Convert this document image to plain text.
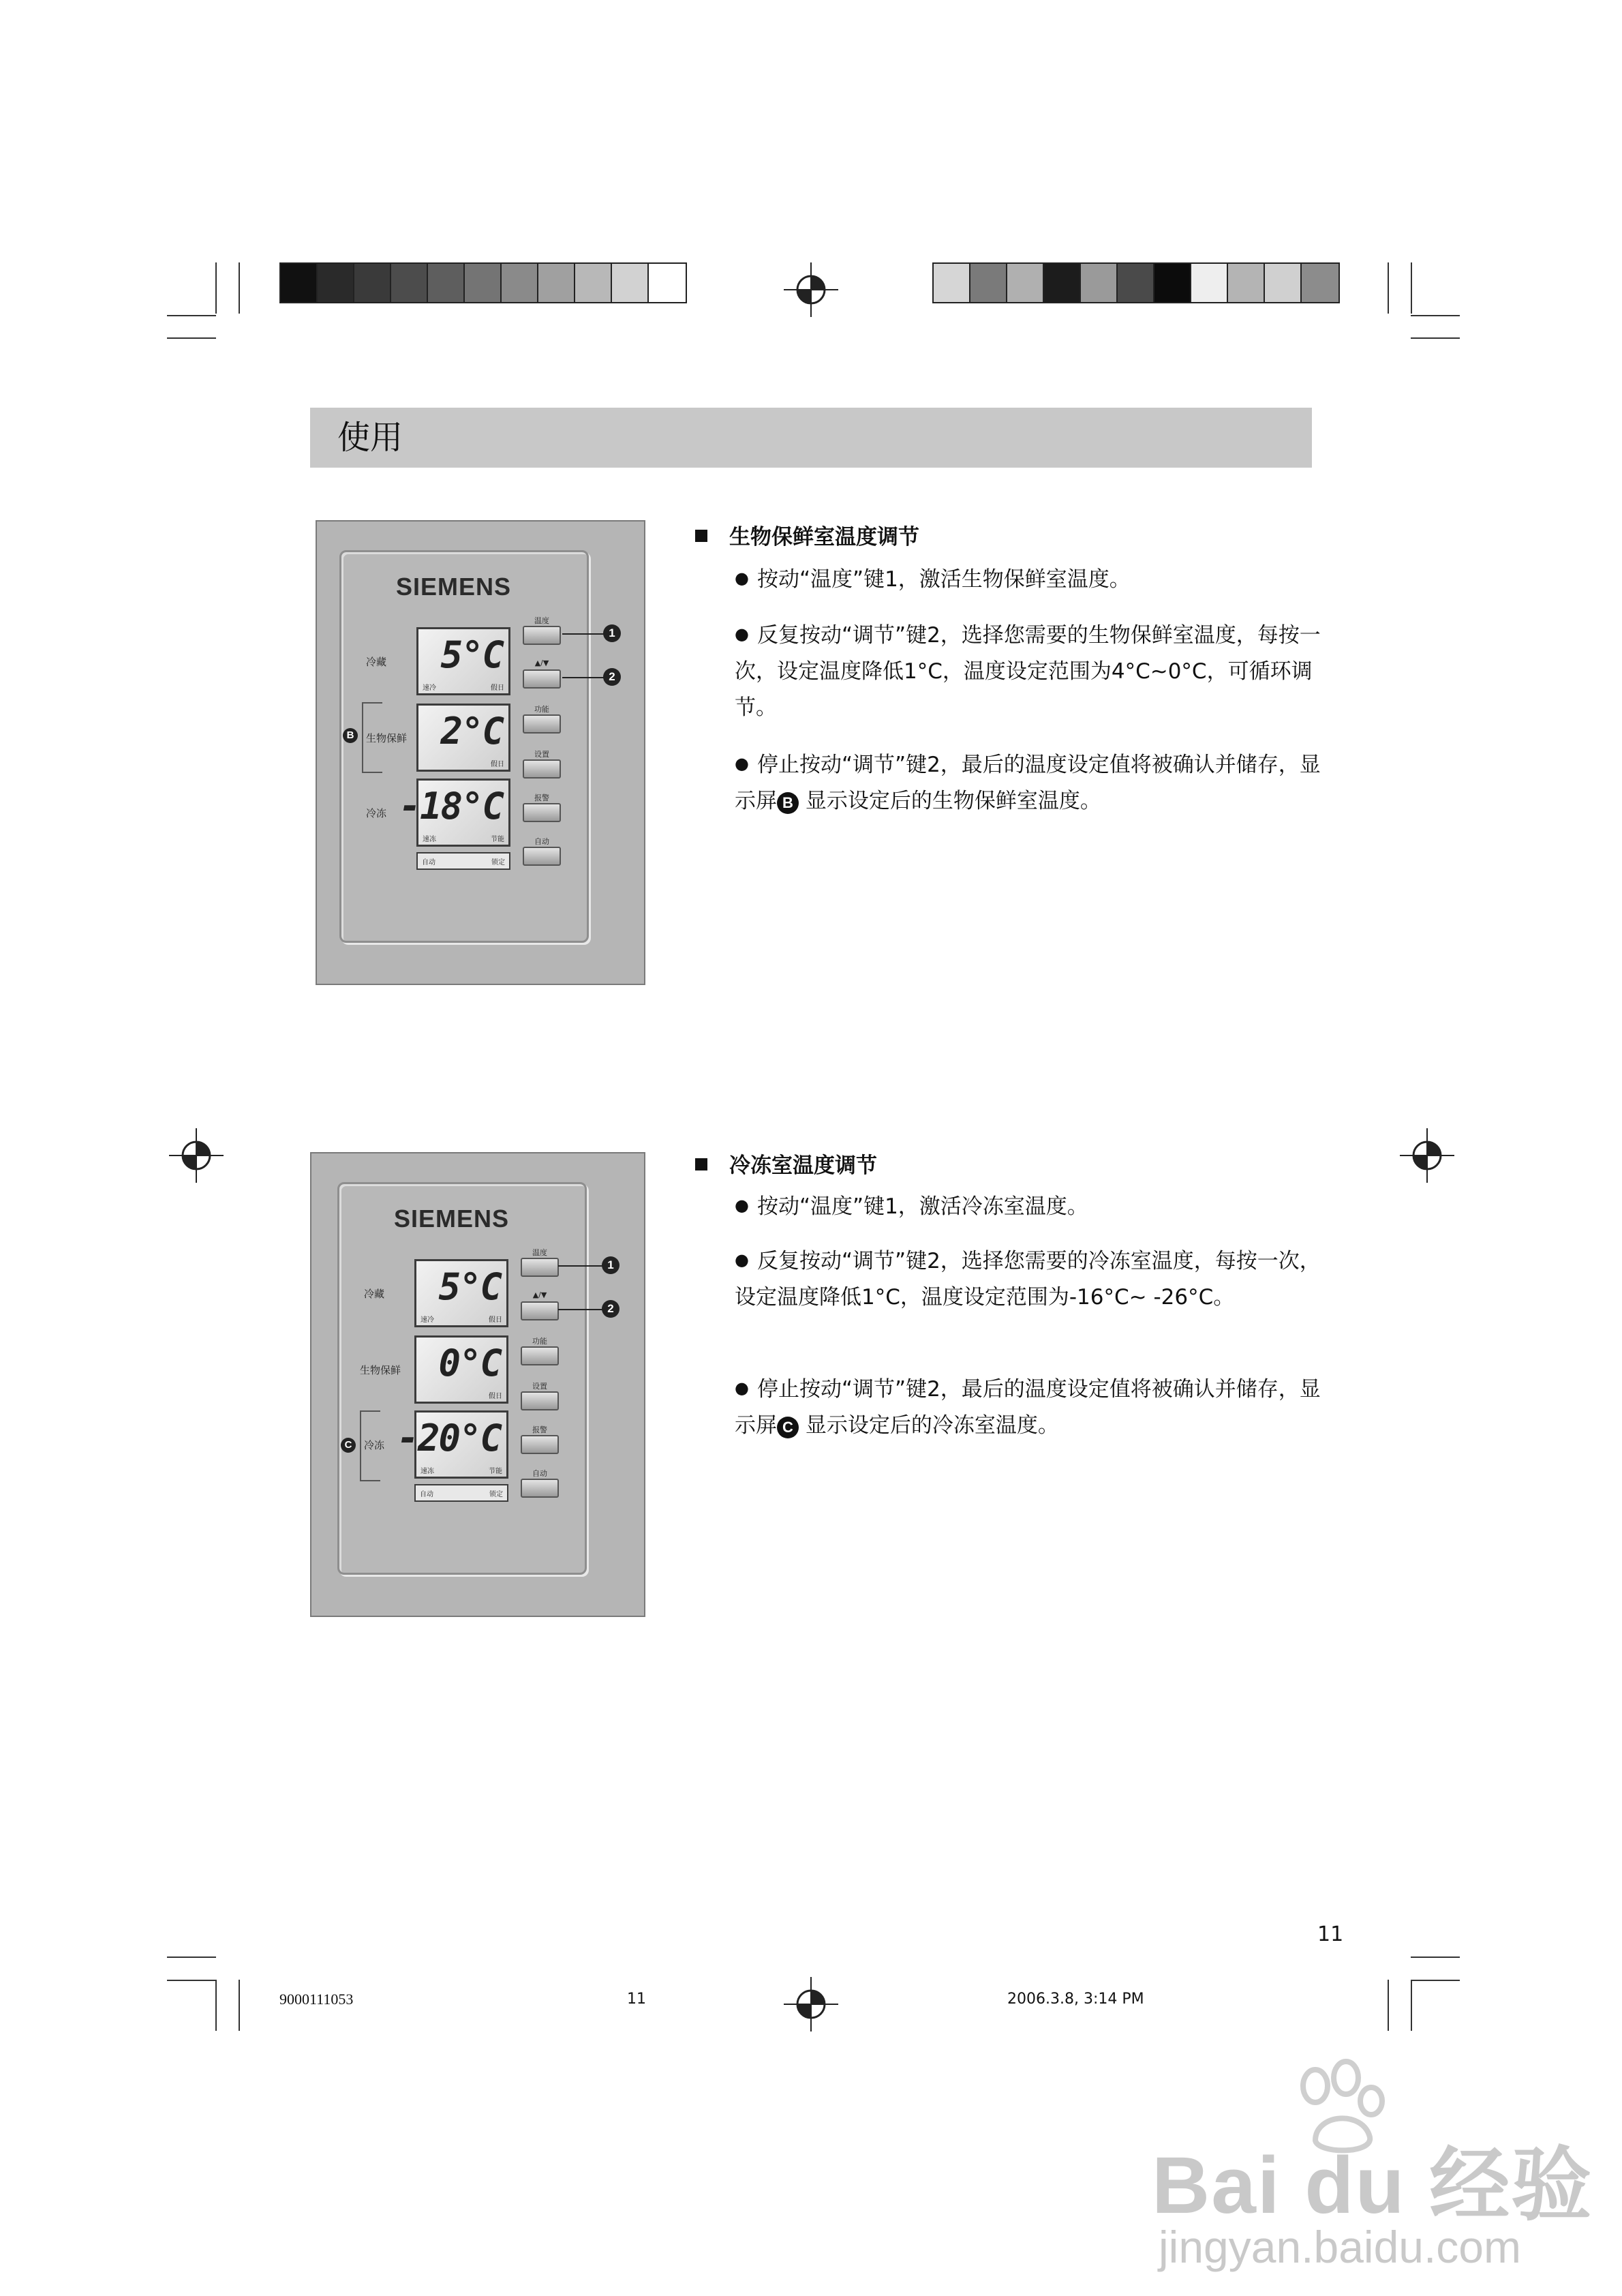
使用
SIEMENS
冷藏 5°C
速冷	假日
B	生物保鲜 2°C
假日
冷冻 -18°C
速冻	节能
自动	锁定
温度
▲/▼
功能
设置
报警
自动
1
2
SIEMENS
冷藏 5°C
速冷	假日
生物保鲜 0°C
假日
C	冷冻 -20°C
速冻	节能
自动	锁定
温度
▲/▼
功能
设置
报警
自动
1
2
生物保鲜室温度调节
● 按动“温度”键1，激活生物保鲜室温度。
● 反复按动“调节”键2，选择您需要的生物保鲜室温度，每按一次，设定温度降低1°C，温度设定范围为4°C~0°C，可循环调节。
● 停止按动“调节”键2，最后的温度设定值将被确认并储存，显示屏 B 显示设定后的生物保鲜室温度。
冷冻室温度调节
● 按动“温度”键1，激活冷冻室温度。
● 反复按动“调节”键2，选择您需要的冷冻室温度，每按一次，设定温度降低1°C，温度设定范围为-16°C~ -26°C。
● 停止按动“调节”键2，最后的温度设定值将被确认并储存，显示屏 C 显示设定后的冷冻室温度。
11
9000111053	11	2006.3.8, 3:14 PM
Bai du 经验
jingyan.baidu.com
